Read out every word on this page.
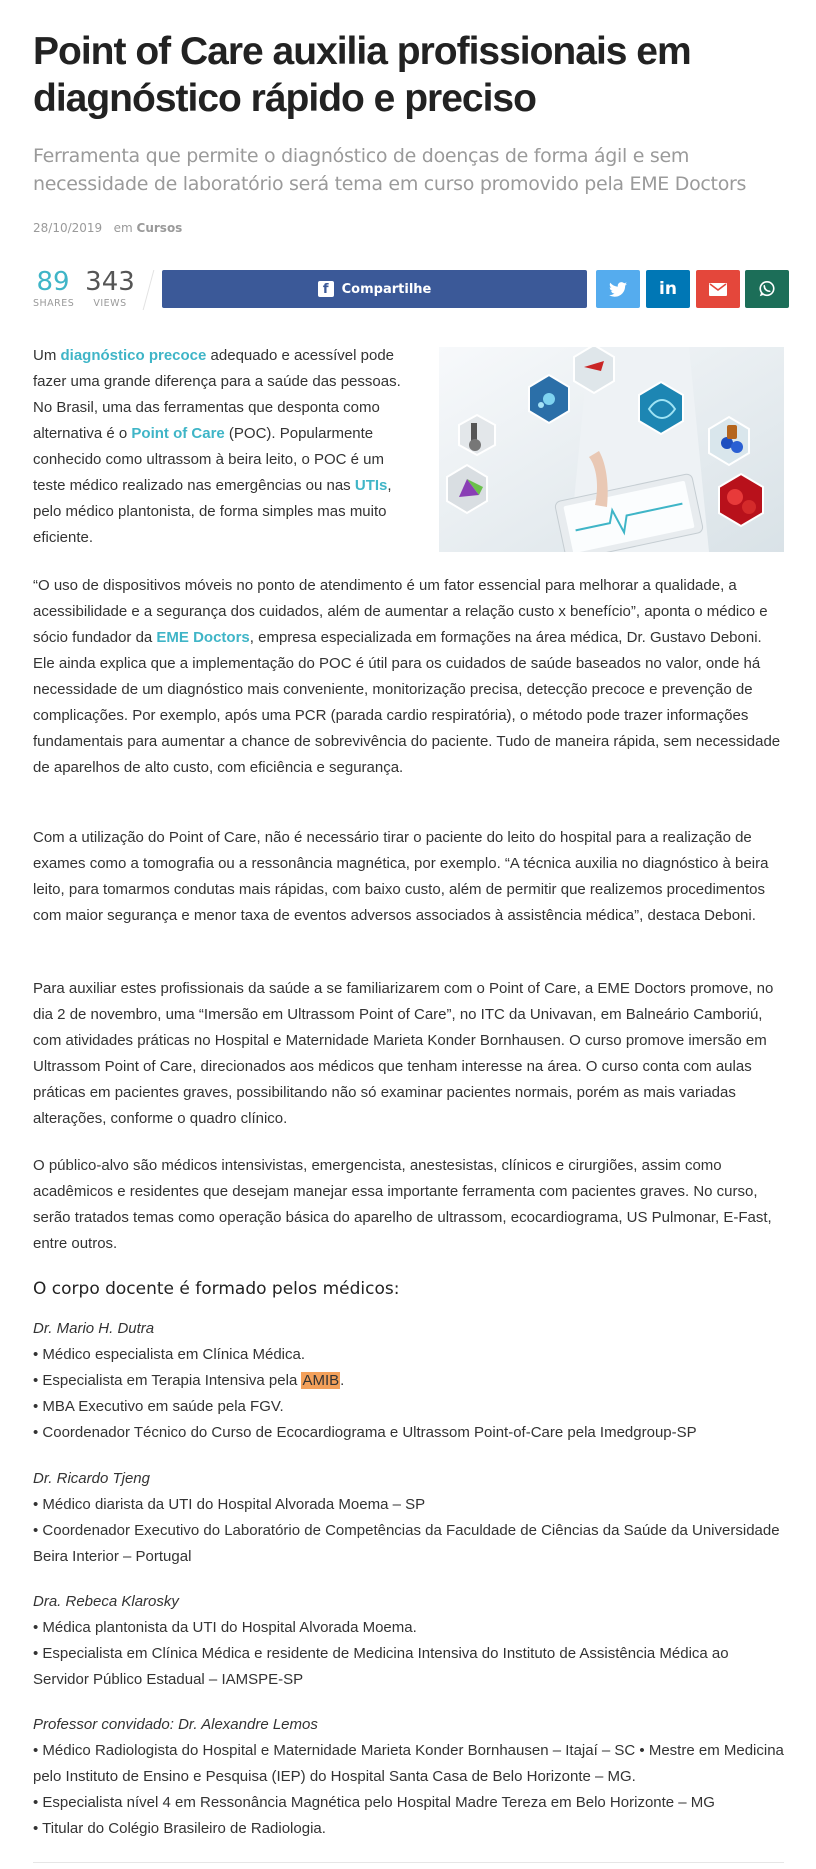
Point of Care auxilia profissionais em diagnóstico rápido e preciso
Ferramenta que permite o diagnóstico de doenças de forma ágil e sem necessidade de laboratório será tema em curso promovido pela EME Doctors
28/10/2019 em Cursos
89
SHARES
343
VIEWS
f	Compartilhe	in

Um diagnóstico precoce adequado e acessível pode fazer uma grande diferença para a saúde das pessoas. No Brasil, uma das ferramentas que desponta como alternativa é o Point of Care (POC). Popularmente conhecido como ultrassom à beira leito, o POC é um teste médico realizado nas emergências ou nas UTIs, pelo médico plantonista, de forma simples mas muito eficiente.

“O uso de dispositivos móveis no ponto de atendimento é um fator essencial para melhorar a qualidade, a acessibilidade e a segurança dos cuidados, além de aumentar a relação custo x benefício”, aponta o médico e sócio fundador da EME Doctors, empresa especializada em formações na área médica, Dr. Gustavo Deboni. Ele ainda explica que a implementação do POC é útil para os cuidados de saúde baseados no valor, onde há necessidade de um diagnóstico mais conveniente, monitorização precisa, detecção precoce e prevenção de complicações. Por exemplo, após uma PCR (parada cardio respiratória), o método pode trazer informações fundamentais para aumentar a chance de sobrevivência do paciente. Tudo de maneira rápida, sem necessidade de aparelhos de alto custo, com eficiência e segurança.

Com a utilização do Point of Care, não é necessário tirar o paciente do leito do hospital para a realização de exames como a tomografia ou a ressonância magnética, por exemplo. “A técnica auxilia no diagnóstico à beira leito, para tomarmos condutas mais rápidas, com baixo custo, além de permitir que realizemos procedimentos com maior segurança e menor taxa de eventos adversos associados à assistência médica”, destaca Deboni.

Para auxiliar estes profissionais da saúde a se familiarizarem com o Point of Care, a EME Doctors promove, no dia 2 de novembro, uma “Imersão em Ultrassom Point of Care”, no ITC da Univavan, em Balneário Camboriú, com atividades práticas no Hospital e Maternidade Marieta Konder Bornhausen. O curso promove imersão em Ultrassom Point of Care, direcionados aos médicos que tenham interesse na área. O curso conta com aulas práticas em pacientes graves, possibilitando não só examinar pacientes normais, porém as mais variadas alterações, conforme o quadro clínico.

O público-alvo são médicos intensivistas, emergencista, anestesistas, clínicos e cirurgiões, assim como acadêmicos e residentes que desejam manejar essa importante ferramenta com pacientes graves. No curso, serão tratados temas como operação básica do aparelho de ultrassom, ecocardiograma, US Pulmonar, E-Fast, entre outros.

O corpo docente é formado pelos médicos:
Dr. Mario H. Dutra
• Médico especialista em Clínica Médica.
• Especialista em Terapia Intensiva pela AMIB.
• MBA Executivo em saúde pela FGV.
• Coordenador Técnico do Curso de Ecocardiograma e Ultrassom Point-of-Care pela Imedgroup-SP
Dr. Ricardo Tjeng
• Médico diarista da UTI do Hospital Alvorada Moema – SP
• Coordenador Executivo do Laboratório de Competências da Faculdade de Ciências da Saúde da Universidade Beira Interior – Portugal
Dra. Rebeca Klarosky
• Médica plantonista da UTI do Hospital Alvorada Moema.
• Especialista em Clínica Médica e residente de Medicina Intensiva do Instituto de Assistência Médica ao Servidor Público Estadual – IAMSPE-SP
Professor convidado: Dr. Alexandre Lemos
• Médico Radiologista do Hospital e Maternidade Marieta Konder Bornhausen – Itajaí – SC • Mestre em Medicina pelo Instituto de Ensino e Pesquisa (IEP) do Hospital Santa Casa de Belo Horizonte – MG.
• Especialista nível 4 em Ressonância Magnética pelo Hospital Madre Tereza em Belo Horizonte – MG
• Titular do Colégio Brasileiro de Radiologia.
